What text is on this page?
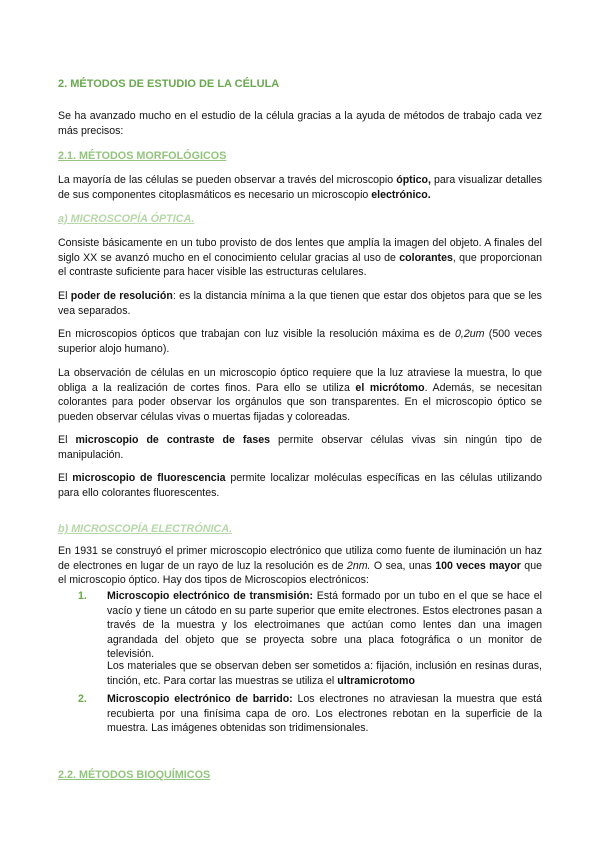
2. MÉTODOS DE ESTUDIO DE LA CÉLULA

Se ha avanzado mucho en el estudio de la célula gracias a la ayuda de métodos de trabajo cada vez más precisos:

2.1. MÉTODOS MORFOLÓGICOS

La mayoría de las células se pueden observar a través del microscopio óptico, para visualizar detalles de sus componentes citoplasmáticos es necesario un microscopio electrónico.

a) MICROSCOPÍA ÓPTICA.

Consiste básicamente en un tubo provisto de dos lentes que amplía la imagen del objeto. A finales del siglo XX se avanzó mucho en el conocimiento celular gracias al uso de colorantes, que proporcionan el contraste suficiente para hacer visible las estructuras celulares.

El poder de resolución: es la distancia mínima a la que tienen que estar dos objetos para que se les vea separados.

En microscopios ópticos que trabajan con luz visible la resolución máxima es de 0,2um (500 veces superior alojo humano).

La observación de células en un microscopio óptico requiere que la luz atraviese la muestra, lo que obliga a la realización de cortes finos. Para ello se utiliza el micrótomo. Además, se necesitan colorantes para poder observar los orgánulos que son transparentes. En el microscopio óptico se pueden observar células vivas o muertas fijadas y coloreadas.

El microscopio de contraste de fases permite observar células vivas sin ningún tipo de manipulación.

El microscopio de fluorescencia permite localizar moléculas específicas en las células utilizando para ello colorantes fluorescentes.

b) MICROSCOPÍA ELECTRÓNICA.

En 1931 se construyó el primer microscopio electrónico que utiliza como fuente de iluminación un haz de electrones en lugar de un rayo de luz la resolución es de 2nm. O sea, unas 100 veces mayor que el microscopio óptico. Hay dos tipos de Microscopios electrónicos:

1.	Microscopio electrónico de transmisión: Está formado por un tubo en el que se hace el vacío y tiene un cátodo en su parte superior que emite electrones. Estos electrones pasan a través de la muestra y los electroimanes que actúan como lentes dan una imagen agrandada del objeto que se proyecta sobre una placa fotográfica o un monitor de televisión.

Los materiales que se observan deben ser sometidos a: fijación, inclusión en resinas duras, tinción, etc. Para cortar las muestras se utiliza el ultramicrotomo

2.	Microscopio electrónico de barrido: Los electrones no atraviesan la muestra que está recubierta por una finísima capa de oro. Los electrones rebotan en la superficie de la muestra. Las imágenes obtenidas son tridimensionales.
2.2. MÉTODOS BIOQUÍMICOS
